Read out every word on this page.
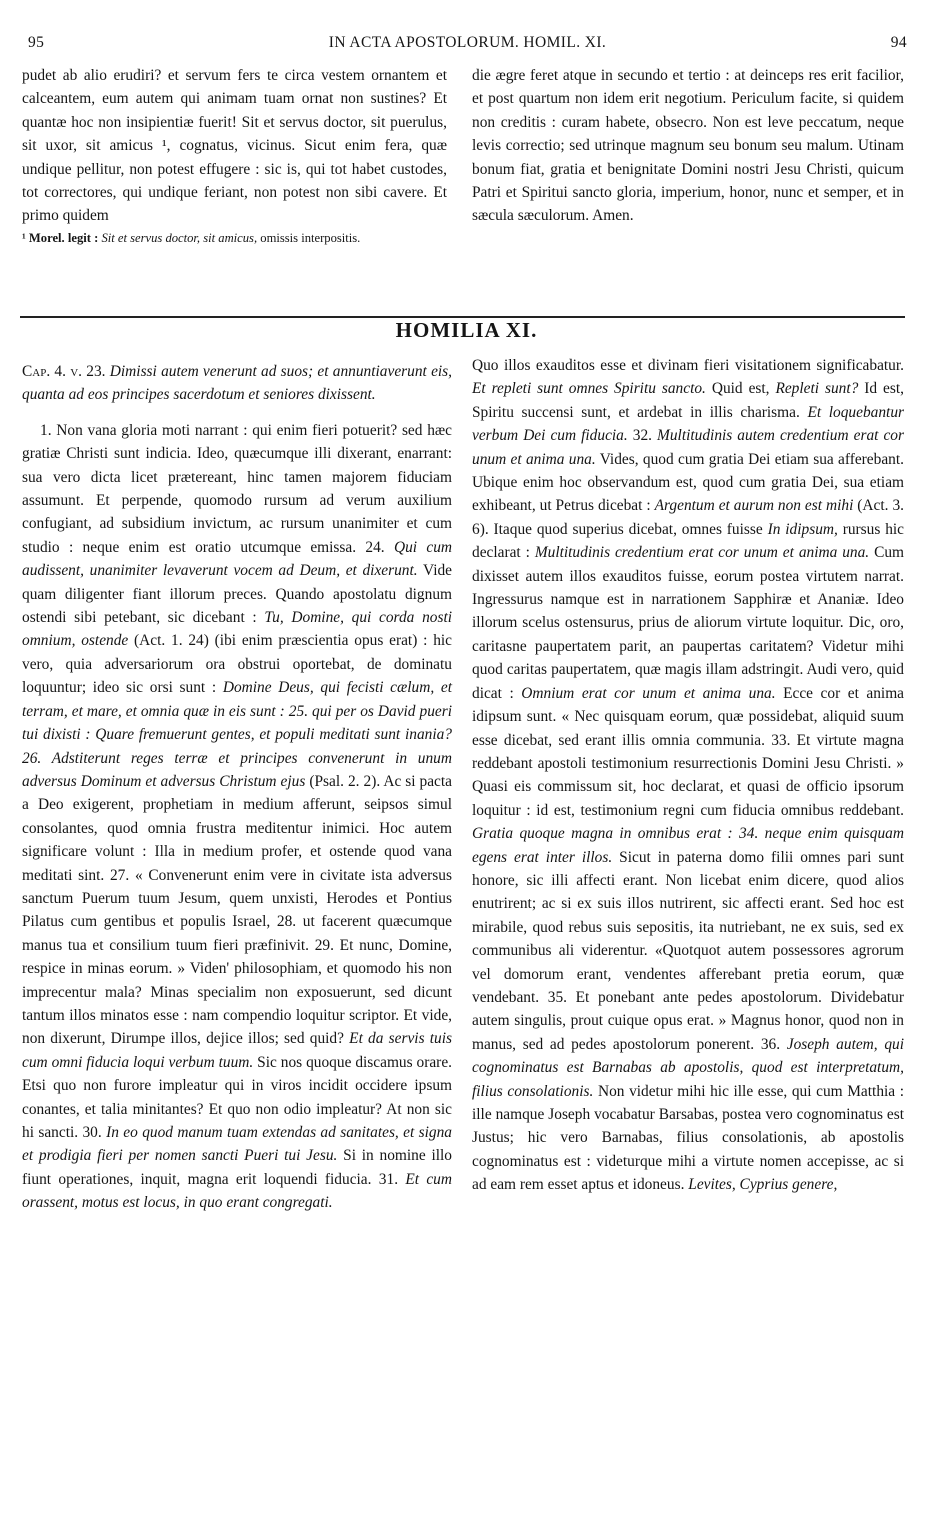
95	IN ACTA APOSTOLORUM. HOMIL. XI.	94

pudet ab alio erudiri? et servum fers te circa vestem ornantem et calceantem, eum autem qui animam tuam ornat non sustines? Et quantæ hoc non insipientiæ fuerit! Sit et servus doctor, sit puerulus, sit uxor, sit amicus ¹, cognatus, vicinus. Sicut enim fera, quæ undique pellitur, non potest effugere : sic is, qui tot habet custodes, tot correctores, qui undique feriant, non potest non sibi cavere. Et primo quidem

¹ Morel. legit : Sit et servus doctor, sit amicus, omissis interpositis.

die ægre feret atque in secundo et tertio : at deinceps res erit facilior, et post quartum non idem erit negotium. Periculum facite, si quidem non creditis : curam habete, obsecro. Non est leve peccatum, neque levis correctio; sed utrinque magnum seu bonum seu malum. Utinam bonum fiat, gratia et benignitate Domini nostri Jesu Christi, quicum Patri et Spiritui sancto gloria, imperium, honor, nunc et semper, et in sæcula sæculorum. Amen.

HOMILIA XI.

Cap. 4. v. 23. Dimissi autem venerunt ad suos; et annuntiaverunt eis, quanta ad eos principes sacerdotum et seniores dixissent.

1. Non vana gloria moti narrant : qui enim fieri potuerit? sed hæc gratiæ Christi sunt indicia. Ideo, quæcumque illi dixerant, enarrant: sua vero dicta licet prætereant, hinc tamen majorem fiduciam assumunt. Et perpende, quomodo rursum ad verum auxilium confugiant, ad subsidium invictum, ac rursum unanimiter et cum studio : neque enim est oratio utcumque emissa. 24. Qui cum audissent, unanimiter levaverunt vocem ad Deum, et dixerunt. Vide quam diligenter fiant illorum preces. Quando apostolatu dignum ostendi sibi petebant, sic dicebant : Tu, Domine, qui corda nosti omnium, ostende (Act. 1. 24) (ibi enim præscientia opus erat) : hic vero, quia adversariorum ora obstrui oportebat, de dominatu loquuntur; ideo sic orsi sunt : Domine Deus, qui fecisti cælum, et terram, et mare, et omnia quæ in eis sunt : 25. qui per os David pueri tui dixisti : Quare fremuerunt gentes, et populi meditati sunt inania? 26. Adstiterunt reges terræ et principes convenerunt in unum adversus Dominum et adversus Christum ejus (Psal. 2. 2). Ac si pacta a Deo exigerent, prophetiam in medium afferunt, seipsos simul consolantes, quod omnia frustra meditentur inimici. Hoc autem significare volunt : Illa in medium profer, et ostende quod vana meditati sint. 27. « Convenerunt enim vere in civitate ista adversus sanctum Puerum tuum Jesum, quem unxisti, Herodes et Pontius Pilatus cum gentibus et populis Israel, 28. ut facerent quæcumque manus tua et consilium tuum fieri præfinivit. 29. Et nunc, Domine, respice in minas eorum. » Viden' philosophiam, et quomodo his non imprecentur mala? Minas specialim non exposuerunt, sed dicunt tantum illos minatos esse : nam compendio loquitur scriptor. Et vide, non dixerunt, Dirumpe illos, dejice illos; sed quid? Et da servis tuis cum omni fiducia loqui verbum tuum. Sic nos quoque discamus orare. Etsi quo non furore impleatur qui in viros incidit occidere ipsum conantes, et talia minitantes? Et quo non odio impleatur? At non sic hi sancti. 30. In eo quod manum tuam extendas ad sanitates, et signa et prodigia fieri per nomen sancti Pueri tui Jesu. Si in nomine illo fiunt operationes, inquit, magna erit loquendi fiducia. 31. Et cum orassent, motus est locus, in quo erant congregati.

Quo illos exauditos esse et divinam fieri visitationem significabatur. Et repleti sunt omnes Spiritu sancto. Quid est, Repleti sunt? Id est, Spiritu succensi sunt, et ardebat in illis charisma. Et loquebantur verbum Dei cum fiducia. 32. Multitudinis autem credentium erat cor unum et anima una. Vides, quod cum gratia Dei etiam sua afferebant. Ubique enim hoc observandum est, quod cum gratia Dei, sua etiam exhibeant, ut Petrus dicebat : Argentum et aurum non est mihi (Act. 3. 6). Itaque quod superius dicebat, omnes fuisse In idipsum, rursus hic declarat : Multitudinis credentium erat cor unum et anima una. Cum dixisset autem illos exauditos fuisse, eorum postea virtutem narrat. Ingressurus namque est in narrationem Sapphiræ et Ananiæ. Ideo illorum scelus ostensurus, prius de aliorum virtute loquitur. Dic, oro, caritasne paupertatem parit, an paupertas caritatem? Videtur mihi quod caritas paupertatem, quæ magis illam adstringit. Audi vero, quid dicat : Omnium erat cor unum et anima una. Ecce cor et anima idipsum sunt. « Nec quisquam eorum, quæ possidebat, aliquid suum esse dicebat, sed erant illis omnia communia. 33. Et virtute magna reddebant apostoli testimonium resurrectionis Domini Jesu Christi. » Quasi eis commissum sit, hoc declarat, et quasi de officio ipsorum loquitur : id est, testimonium regni cum fiducia omnibus reddebant. Gratia quoque magna in omnibus erat : 34. neque enim quisquam egens erat inter illos. Sicut in paterna domo filii omnes pari sunt honore, sic illi affecti erant. Non licebat enim dicere, quod alios enutrirent; ac si ex suis illos nutrirent, sic affecti erant. Sed hoc est mirabile, quod rebus suis sepositis, ita nutriebant, ne ex suis, sed ex communibus ali viderentur. «Quotquot autem possessores agrorum vel domorum erant, vendentes afferebant pretia eorum, quæ vendebant. 35. Et ponebant ante pedes apostolorum. Dividebatur autem singulis, prout cuique opus erat. » Magnus honor, quod non in manus, sed ad pedes apostolorum ponerent. 36. Joseph autem, qui cognominatus est Barnabas ab apostolis, quod est interpretatum, filius consolationis. Non videtur mihi hic ille esse, qui cum Matthia : ille namque Joseph vocabatur Barsabas, postea vero cognominatus est Justus; hic vero Barnabas, filius consolationis, ab apostolis cognominatus est : videturque mihi a virtute nomen accepisse, ac si ad eam rem esset aptus et idoneus. Levites, Cyprius genere,
